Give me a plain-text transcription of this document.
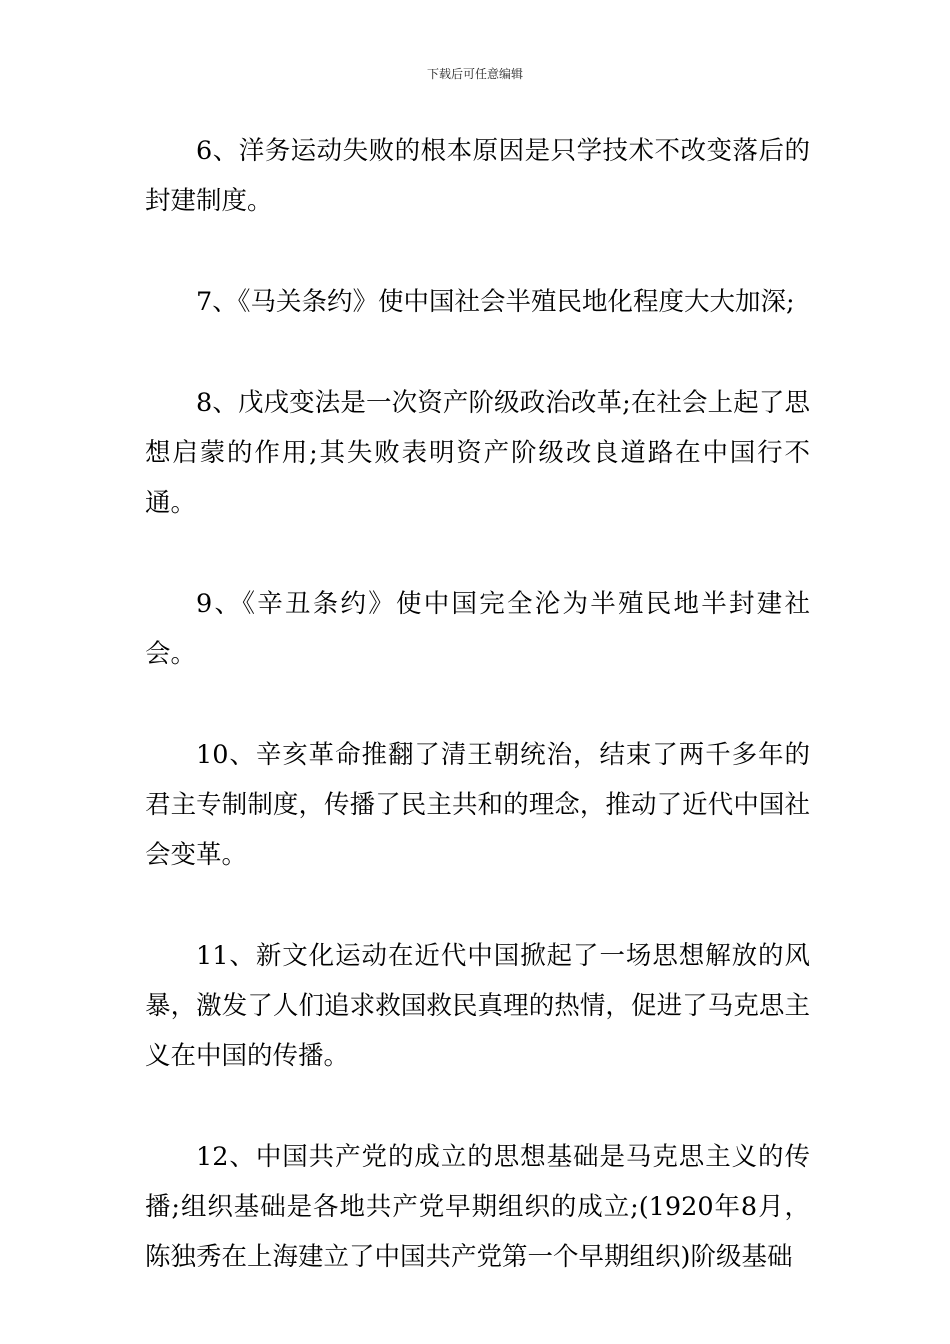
下载后可任意编辑

6、洋务运动失败的根本原因是只学技术不改变落后的封建制度。

7、《马关条约》使中国社会半殖民地化程度大大加深;

8、戊戌变法是一次资产阶级政治改革;在社会上起了思想启蒙的作用;其失败表明资产阶级改良道路在中国行不通。

9、《辛丑条约》使中国完全沦为半殖民地半封建社会。

10、辛亥革命推翻了清王朝统治，结束了两千多年的君主专制制度，传播了民主共和的理念，推动了近代中国社会变革。

11、新文化运动在近代中国掀起了一场思想解放的风暴，激发了人们追求救国救民真理的热情，促进了马克思主义在中国的传播。

12、中国共产党的成立的思想基础是马克思主义的传播;组织基础是各地共产党早期组织的成立;(1920年8月，陈独秀在上海建立了中国共产党第一个早期组织)阶级基础
